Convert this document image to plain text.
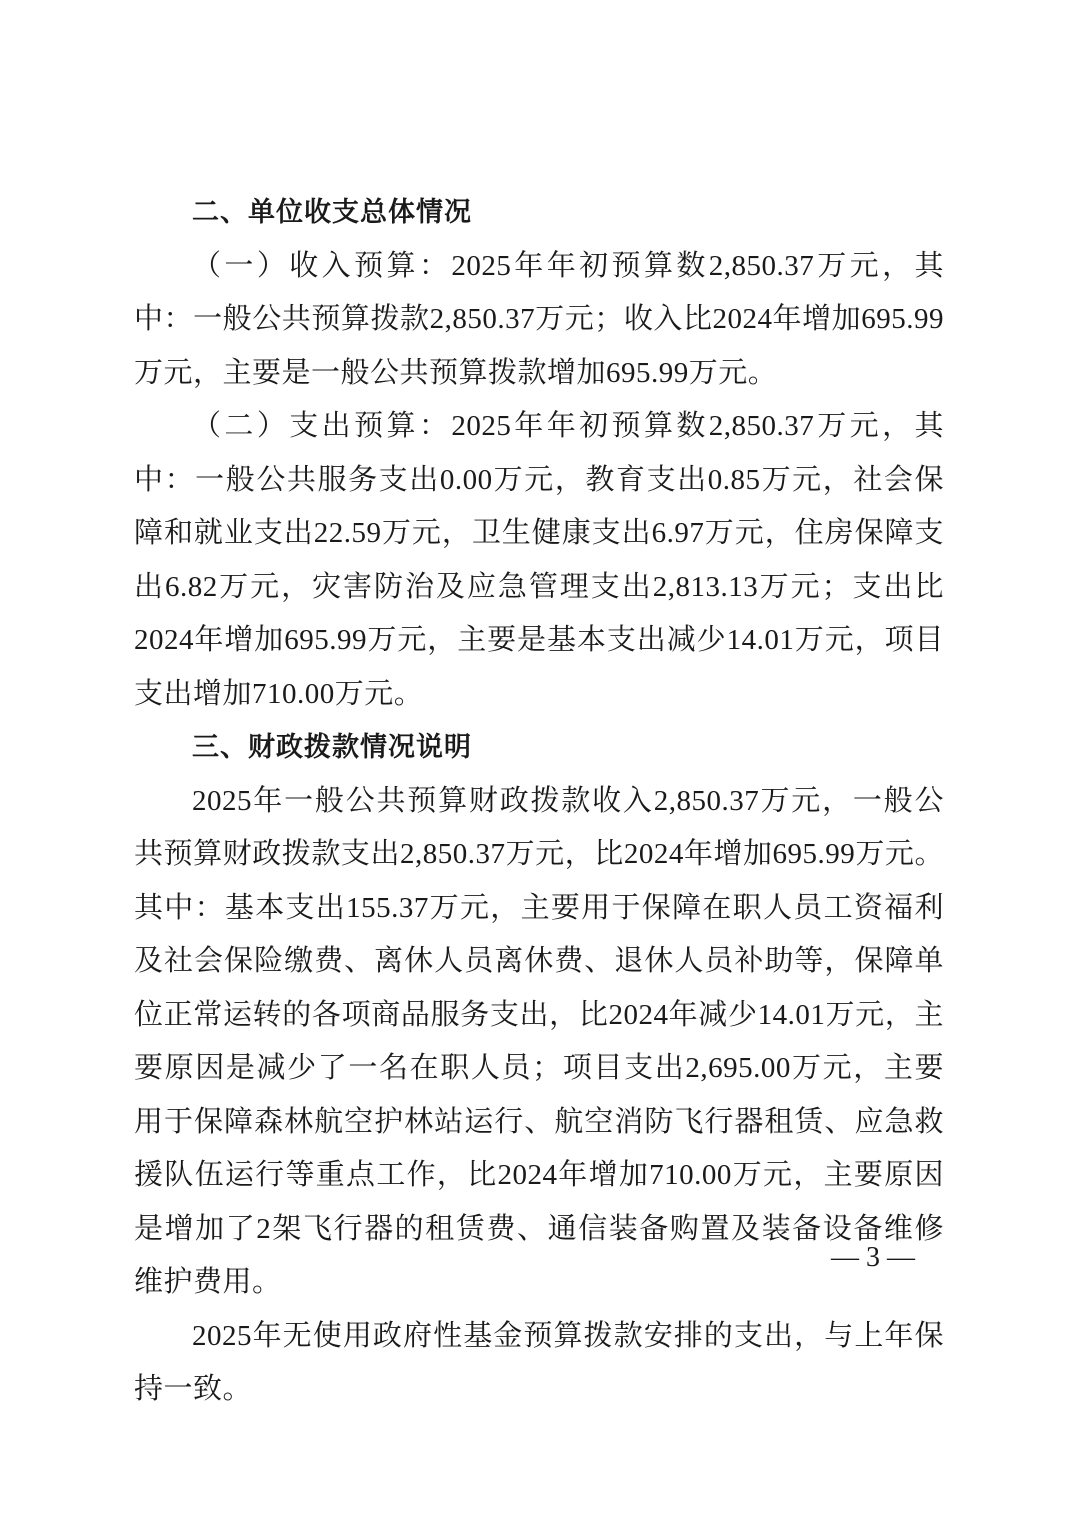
二、单位收支总体情况

（一）收入预算：2025年年初预算数2,850.37万元，其中：一般公共预算拨款2,850.37万元；收入比2024年增加695.99万元，主要是一般公共预算拨款增加695.99万元。

（二）支出预算：2025年年初预算数2,850.37万元，其中：一般公共服务支出0.00万元，教育支出0.85万元，社会保障和就业支出22.59万元，卫生健康支出6.97万元，住房保障支出6.82万元，灾害防治及应急管理支出2,813.13万元；支出比2024年增加695.99万元，主要是基本支出减少14.01万元，项目支出增加710.00万元。

三、财政拨款情况说明

2025年一般公共预算财政拨款收入2,850.37万元，一般公共预算财政拨款支出2,850.37万元，比2024年增加695.99万元。其中：基本支出155.37万元，主要用于保障在职人员工资福利及社会保险缴费、离休人员离休费、退休人员补助等，保障单位正常运转的各项商品服务支出，比2024年减少14.01万元，主要原因是减少了一名在职人员；项目支出2,695.00万元，主要用于保障森林航空护林站运行、航空消防飞行器租赁、应急救援队伍运行等重点工作，比2024年增加710.00万元，主要原因是增加了2架飞行器的租赁费、通信装备购置及装备设备维修维护费用。

2025年无使用政府性基金预算拨款安排的支出，与上年保持一致。

— 3 —
